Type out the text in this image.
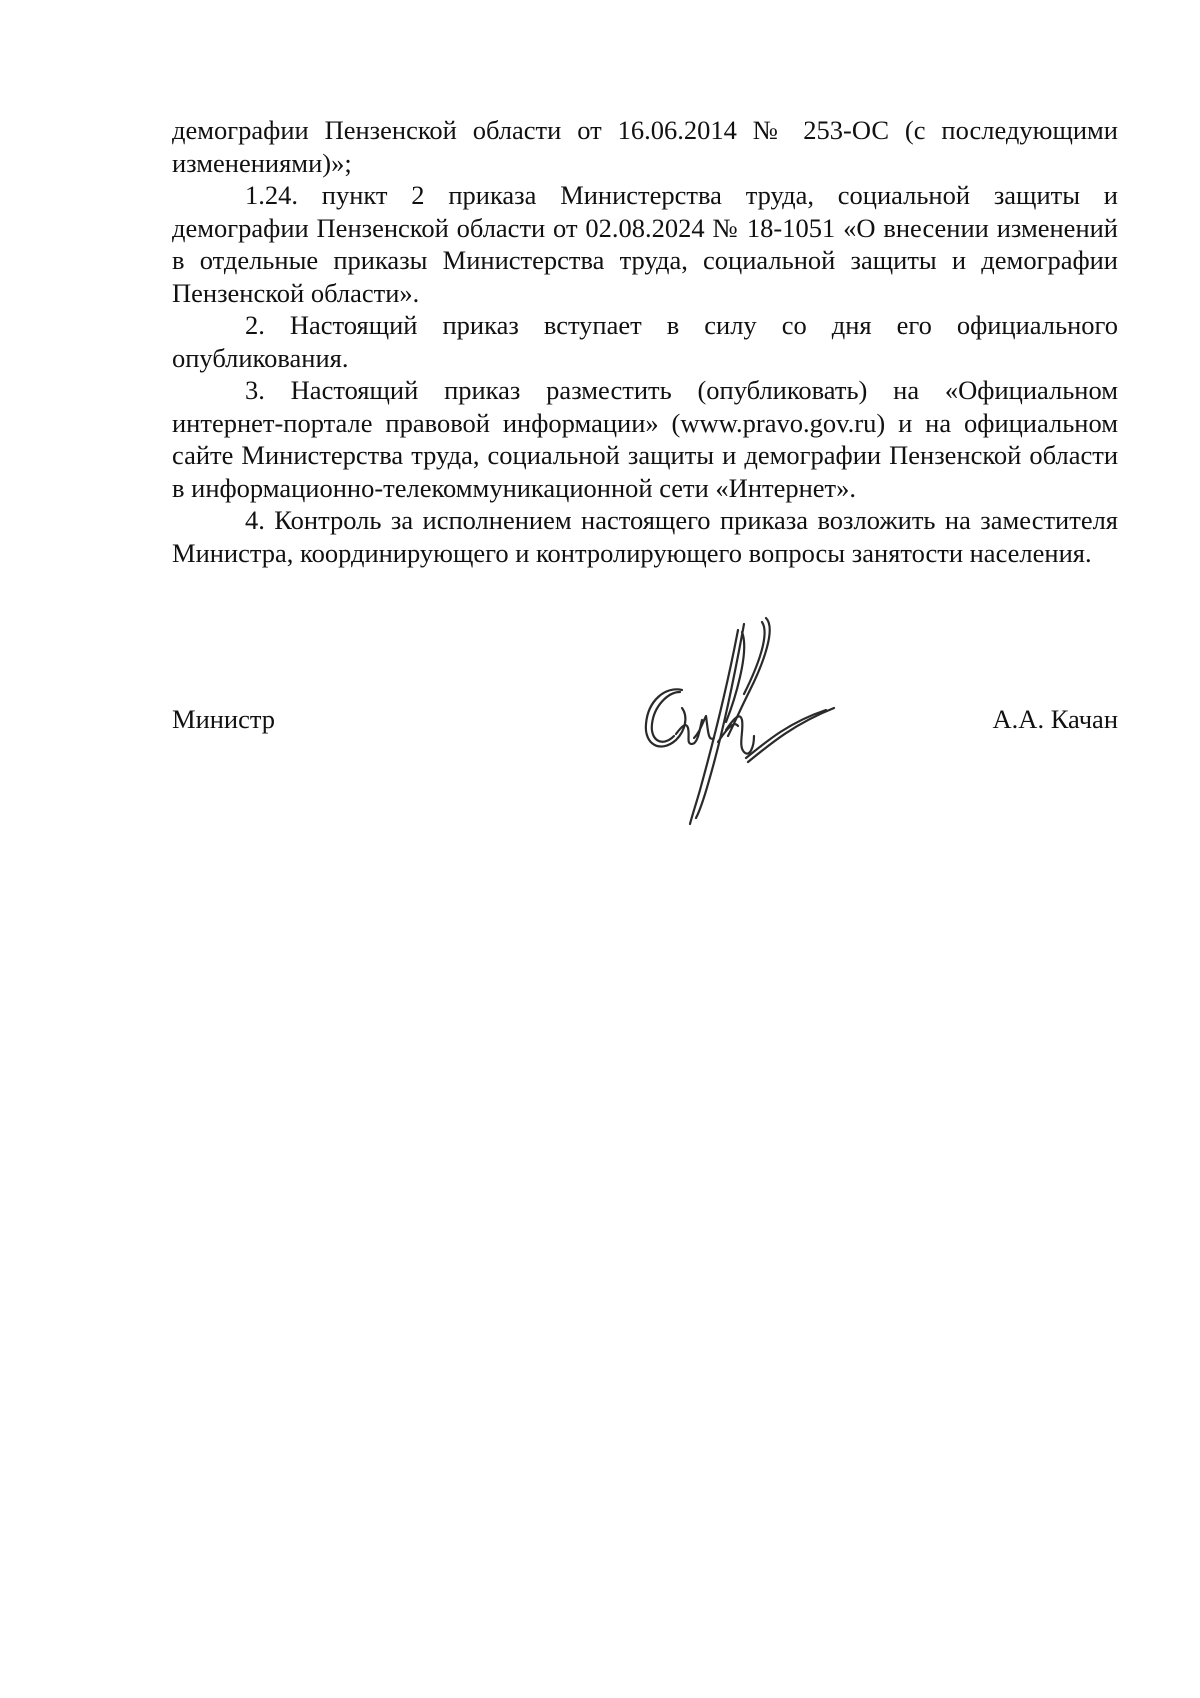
демографии Пензенской области от 16.06.2014 № 253-ОС (с последующими изменениями)»;

1.24. пункт 2 приказа Министерства труда, социальной защиты и демографии Пензенской области от 02.08.2024 № 18-1051 «О внесении изменений в отдельные приказы Министерства труда, социальной защиты и демографии Пензенской области».

2. Настоящий приказ вступает в силу со дня его официального опубликования.

3. Настоящий приказ разместить (опубликовать) на «Официальном интернет-портале правовой информации» (www.pravo.gov.ru) и на официальном сайте Министерства труда, социальной защиты и демографии Пензенской области в информационно-телекоммуникационной сети «Интернет».

4. Контроль за исполнением настоящего приказа возложить на заместителя Министра, координирующего и контролирующего вопросы занятости населения.

Министр	А.А. Качан
